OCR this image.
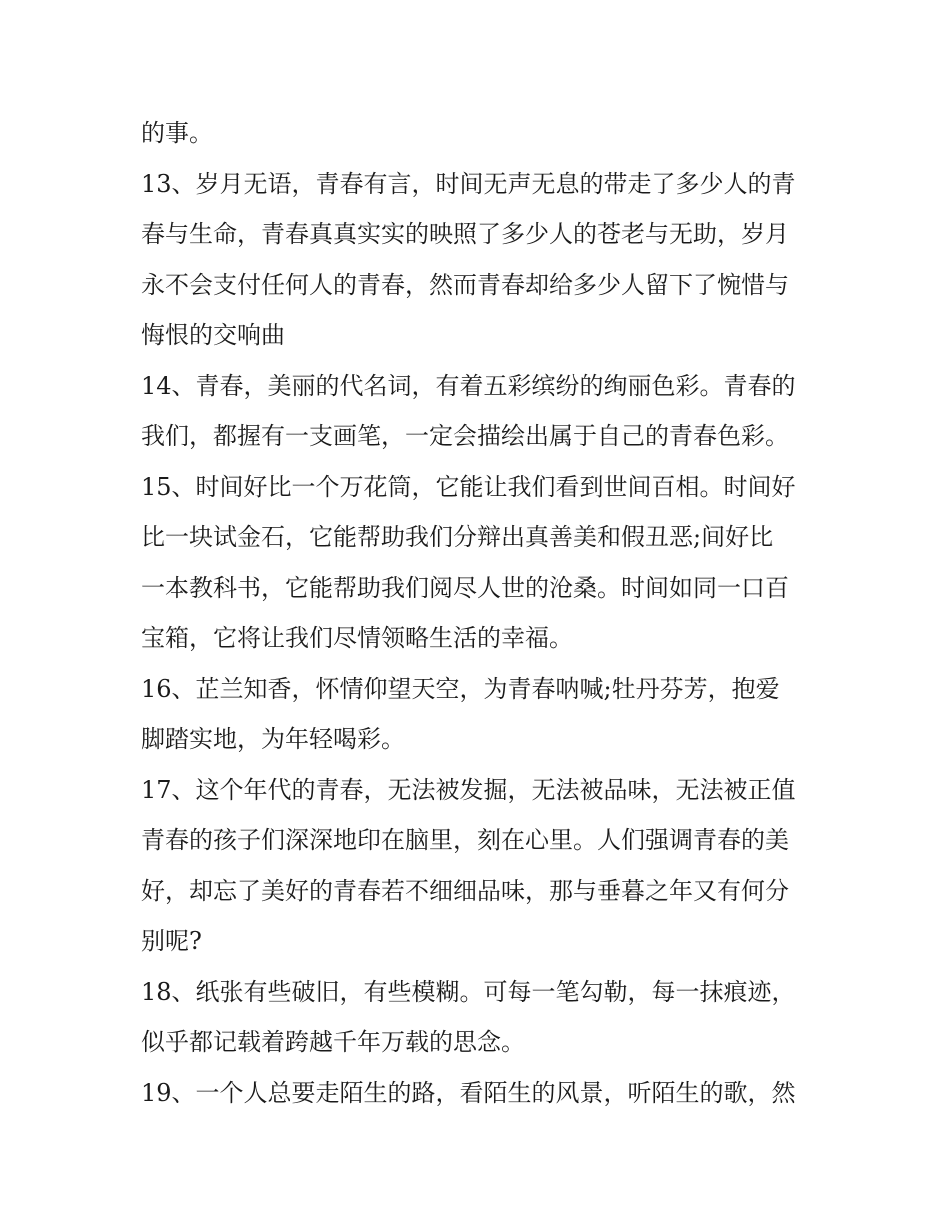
的事。
13、岁月无语，青春有言，时间无声无息的带走了多少人的青
春与生命，青春真真实实的映照了多少人的苍老与无助，岁月
永不会支付任何人的青春，然而青春却给多少人留下了惋惜与
悔恨的交响曲
14、青春，美丽的代名词，有着五彩缤纷的绚丽色彩。青春的
我们，都握有一支画笔，一定会描绘出属于自己的青春色彩。
15、时间好比一个万花筒，它能让我们看到世间百相。时间好
比一块试金石，它能帮助我们分辩出真善美和假丑恶;间好比
一本教科书，它能帮助我们阅尽人世的沧桑。时间如同一口百
宝箱，它将让我们尽情领略生活的幸福。
16、芷兰知香，怀情仰望天空，为青春呐喊;牡丹芬芳，抱爱
脚踏实地，为年轻喝彩。
17、这个年代的青春，无法被发掘，无法被品味，无法被正值
青春的孩子们深深地印在脑里，刻在心里。人们强调青春的美
好，却忘了美好的青春若不细细品味，那与垂暮之年又有何分
别呢?
18、纸张有些破旧，有些模糊。可每一笔勾勒，每一抹痕迹，
似乎都记载着跨越千年万载的思念。
19、一个人总要走陌生的路，看陌生的风景，听陌生的歌，然
